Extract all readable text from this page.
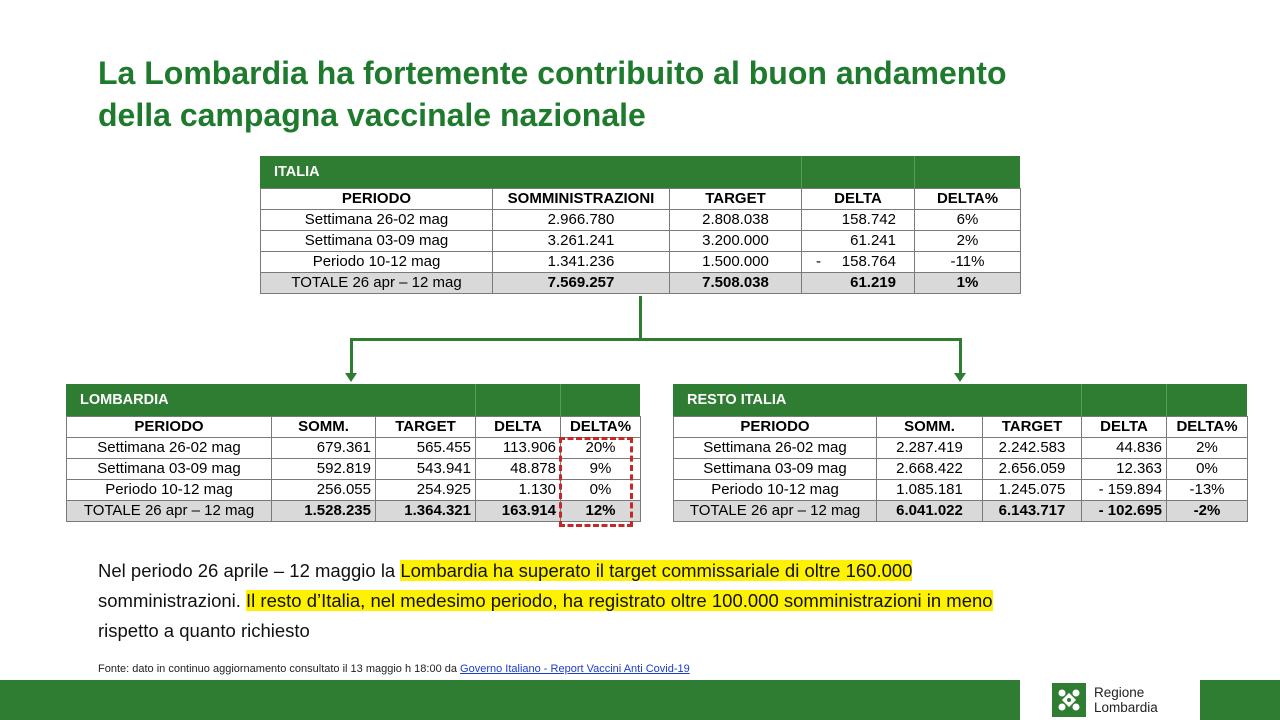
La Lombardia ha fortemente contribuito al buon andamento
della campagna vaccinale nazionale
ITALIA
PERIODO	SOMMINISTRAZIONI	TARGET	DELTA	DELTA%
Settimana 26-02 mag	2.966.780	2.808.038	158.742	6%
Settimana 03-09 mag	3.261.241	3.200.000	61.241	2%
Periodo 10-12 mag	1.341.236	1.500.000	- 158.764	-11%
TOTALE 26 apr – 12 mag	7.569.257	7.508.038	61.219	1%
LOMBARDIA
PERIODO	SOMM.	TARGET	DELTA	DELTA%
Settimana 26-02 mag	679.361	565.455	113.906	20%
Settimana 03-09 mag	592.819	543.941	48.878	9%
Periodo 10-12 mag	256.055	254.925	1.130	0%
TOTALE 26 apr – 12 mag	1.528.235	1.364.321	163.914	12%
RESTO ITALIA
PERIODO	SOMM.	TARGET	DELTA	DELTA%
Settimana 26-02 mag	2.287.419	2.242.583	44.836	2%
Settimana 03-09 mag	2.668.422	2.656.059	12.363	0%
Periodo 10-12 mag	1.085.181	1.245.075	- 159.894	-13%
TOTALE 26 apr – 12 mag	6.041.022	6.143.717	- 102.695	-2%

Nel periodo 26 aprile – 12 maggio la Lombardia ha superato il target commissariale di oltre 160.000
somministrazioni. Il resto d’Italia, nel medesimo periodo, ha registrato oltre 100.000 somministrazioni in meno
rispetto a quanto richiesto

Fonte: dato in continuo aggiornamento consultato il 13 maggio h 18:00 da Governo Italiano - Report Vaccini Anti Covid-19
Regione
Lombardia
